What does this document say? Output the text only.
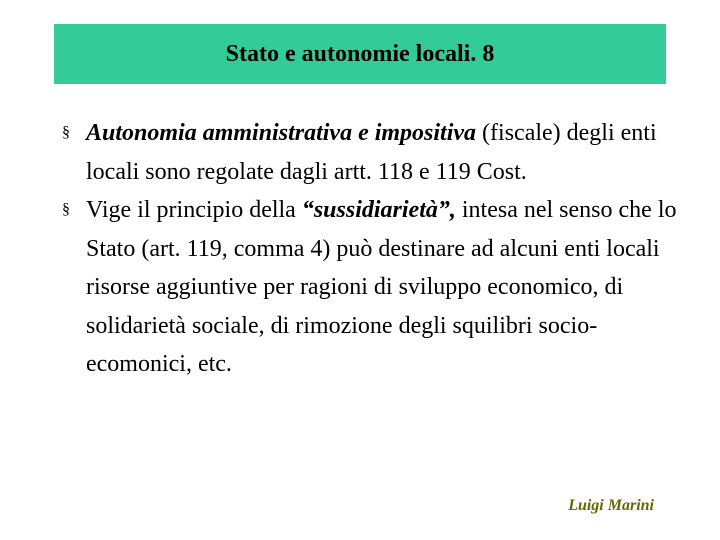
Stato e autonomie locali. 8
§ Autonomia amministrativa e impositiva (fiscale) degli enti locali sono regolate dagli artt. 118 e 119 Cost.
§ Vige il principio della “sussidiarietà”, intesa nel senso che lo Stato (art. 119, comma 4) può destinare ad alcuni enti locali risorse aggiuntive per ragioni di sviluppo economico, di solidarietà sociale, di rimozione degli squilibri socio-ecomonici, etc.
Luigi Marini
